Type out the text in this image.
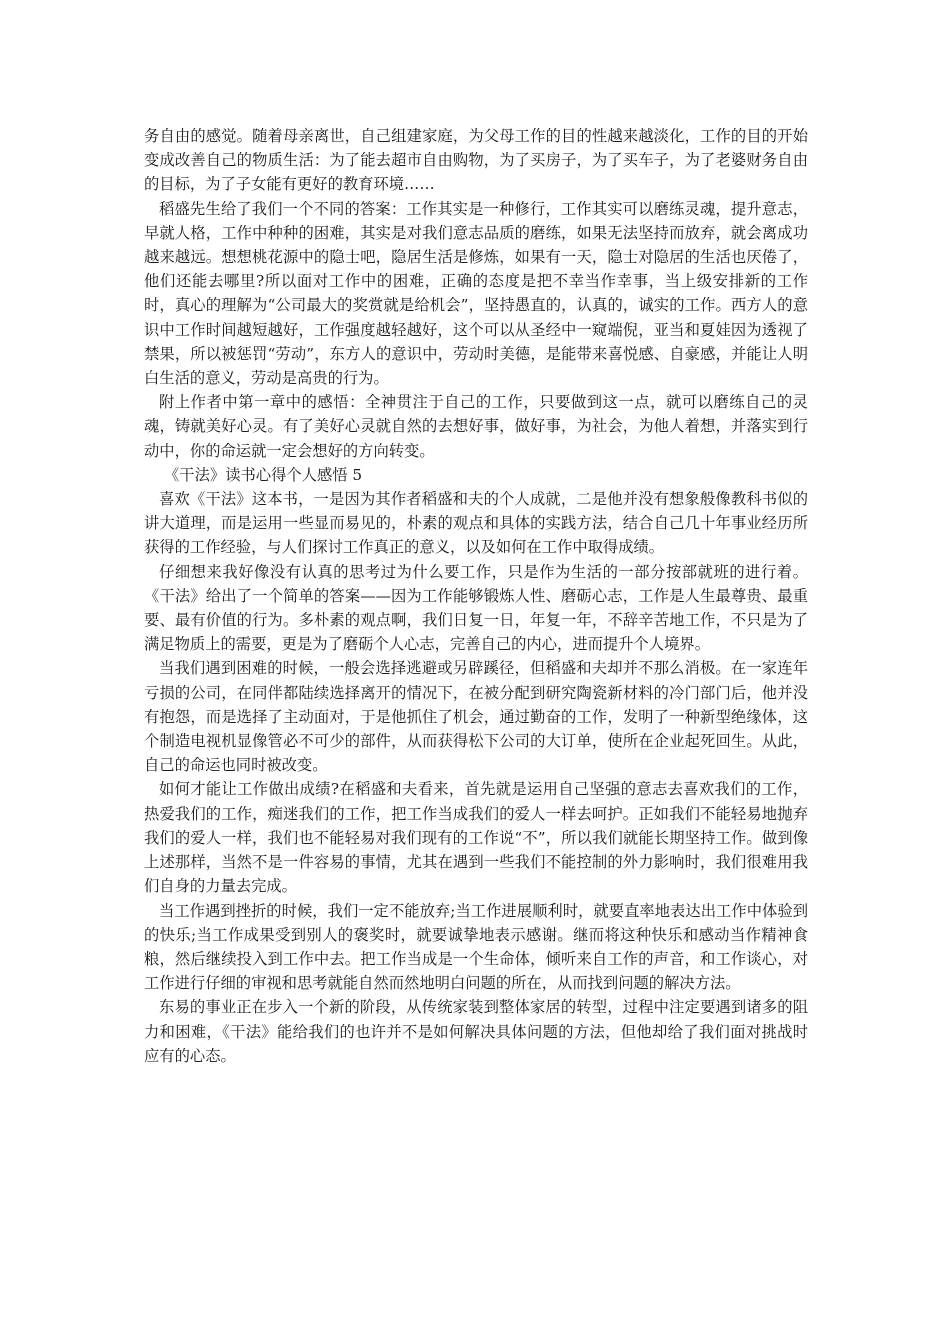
务自由的感觉。随着母亲离世，自己组建家庭，为父母工作的目的性越来越淡化，工作的目的开始变成改善自己的物质生活：为了能去超市自由购物，为了买房子，为了买车子，为了老婆财务自由的目标，为了子女能有更好的教育环境……

稻盛先生给了我们一个不同的答案：工作其实是一种修行，工作其实可以磨练灵魂，提升意志，早就人格，工作中种种的困难，其实是对我们意志品质的磨练，如果无法坚持而放弃，就会离成功越来越远。想想桃花源中的隐士吧，隐居生活是修炼，如果有一天，隐士对隐居的生活也厌倦了，他们还能去哪里?所以面对工作中的困难，正确的态度是把不幸当作幸事，当上级安排新的工作时，真心的理解为“公司最大的奖赏就是给机会”，坚持愚直的，认真的，诚实的工作。西方人的意识中工作时间越短越好，工作强度越轻越好，这个可以从圣经中一窥端倪，亚当和夏娃因为透视了禁果，所以被惩罚“劳动”，东方人的意识中，劳动时美德，是能带来喜悦感、自豪感，并能让人明白生活的意义，劳动是高贵的行为。

附上作者中第一章中的感悟：全神贯注于自己的工作，只要做到这一点，就可以磨练自己的灵魂，铸就美好心灵。有了美好心灵就自然的去想好事，做好事，为社会，为他人着想，并落实到行动中，你的命运就一定会想好的方向转变。

《干法》读书心得个人感悟 5

喜欢《干法》这本书，一是因为其作者稻盛和夫的个人成就，二是他并没有想象般像教科书似的讲大道理，而是运用一些显而易见的，朴素的观点和具体的实践方法，结合自己几十年事业经历所获得的工作经验，与人们探讨工作真正的意义，以及如何在工作中取得成绩。

仔细想来我好像没有认真的思考过为什么要工作，只是作为生活的一部分按部就班的进行着。《干法》给出了一个简单的答案——因为工作能够锻炼人性、磨砺心志，工作是人生最尊贵、最重要、最有价值的行为。多朴素的观点啊，我们日复一日，年复一年，不辞辛苦地工作，不只是为了满足物质上的需要，更是为了磨砺个人心志，完善自己的内心，进而提升个人境界。

当我们遇到困难的时候，一般会选择逃避或另辟蹊径，但稻盛和夫却并不那么消极。在一家连年亏损的公司，在同伴都陆续选择离开的情况下，在被分配到研究陶瓷新材料的冷门部门后，他并没有抱怨，而是选择了主动面对，于是他抓住了机会，通过勤奋的工作，发明了一种新型绝缘体，这个制造电视机显像管必不可少的部件，从而获得松下公司的大订单，使所在企业起死回生。从此，自己的命运也同时被改变。

如何才能让工作做出成绩?在稻盛和夫看来，首先就是运用自己坚强的意志去喜欢我们的工作，热爱我们的工作，痴迷我们的工作，把工作当成我们的爱人一样去呵护。正如我们不能轻易地抛弃我们的爱人一样，我们也不能轻易对我们现有的工作说“不”，所以我们就能长期坚持工作。做到像上述那样，当然不是一件容易的事情，尤其在遇到一些我们不能控制的外力影响时，我们很难用我们自身的力量去完成。

当工作遇到挫折的时候，我们一定不能放弃;当工作进展顺利时，就要直率地表达出工作中体验到的快乐;当工作成果受到别人的褒奖时，就要诚挚地表示感谢。继而将这种快乐和感动当作精神食粮，然后继续投入到工作中去。把工作当成是一个生命体，倾听来自工作的声音，和工作谈心，对工作进行仔细的审视和思考就能自然而然地明白问题的所在，从而找到问题的解决方法。

东易的事业正在步入一个新的阶段，从传统家装到整体家居的转型，过程中注定要遇到诸多的阻力和困难，《干法》能给我们的也许并不是如何解决具体问题的方法，但他却给了我们面对挑战时应有的心态。
